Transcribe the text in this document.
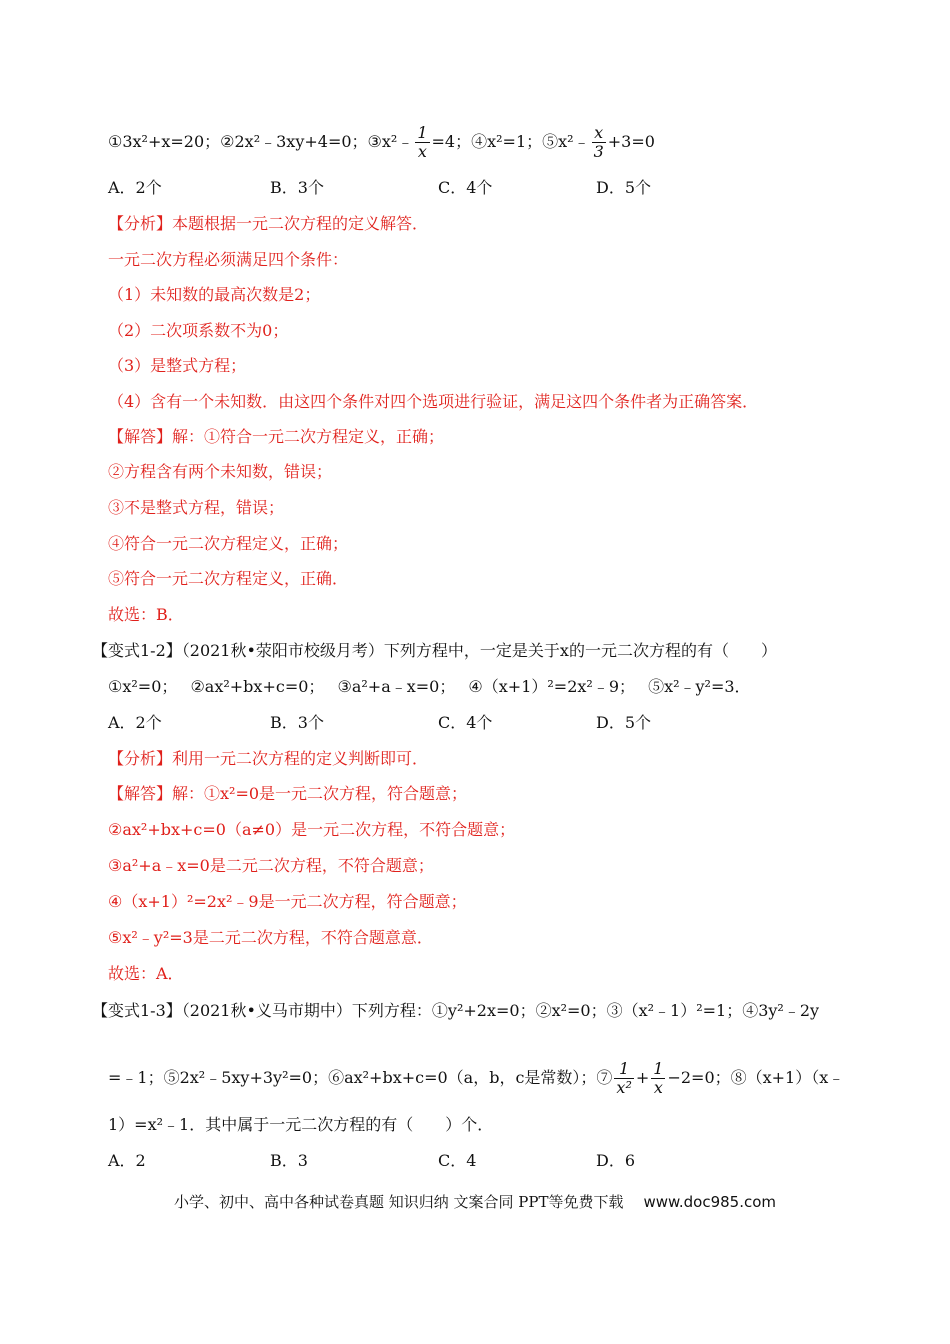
①3x²+x=20；②2x²﹣3xy+4=0；③x²﹣ $\frac{1}{x} =4$；④x²=1；⑤x²﹣ $\frac{x}{3} +3=0$
A．2个	B．3个	C．4个	D．5个
【分析】本题根据一元二次方程的定义解答．
一元二次方程必须满足四个条件：
（1）未知数的最高次数是2；
（2）二次项系数不为0；
（3）是整式方程；
（4）含有一个未知数．由这四个条件对四个选项进行验证，满足这四个条件者为正确答案．
【解答】解：①符合一元二次方程定义，正确；
②方程含有两个未知数，错误；
③不是整式方程，错误；
④符合一元二次方程定义，正确；
⑤符合一元二次方程定义，正确．
故选：B．
【变式1-2】（2021秋•荥阳市校级月考）下列方程中，一定是关于x的一元二次方程的有（　　）
①x²=0；　 ②ax²+bx+c=0；　 ③a²+a﹣x=0；　 ④（x+1）²=2x²﹣9；　 ⑤x²﹣y²=3．
A．2个	B．3个	C．4个	D．5个
【分析】利用一元二次方程的定义判断即可．
【解答】解：①x²=0是一元二次方程，符合题意；
②ax²+bx+c=0（a≠0）是一元二次方程，不符合题意；
③a²+a﹣x=0是二元二次方程，不符合题意；
④（x+1）²=2x²﹣9是一元二次方程，符合题意；
⑤x²﹣y²=3是二元二次方程，不符合题意意．
故选：A．
【变式1-3】（2021秋•义马市期中）下列方程：①y²+2x=0；②x²=0；③（x²﹣1）²=1；④3y²﹣2y
=﹣1；⑤2x²﹣5xy+3y²=0；⑥ax²+bx+c=0（a，b，c是常数）；⑦ $\frac{1}{\text{x²}} + \frac{1}{x} -2=0$；⑧（x+1）（x﹣
1）=x²﹣1．其中属于一元二次方程的有（　　）个．
A．2	B．3	C．4	D．6
小学、初中、高中各种试卷真题 知识归纳 文案合同 PPT等免费下载 www.doc985.com
